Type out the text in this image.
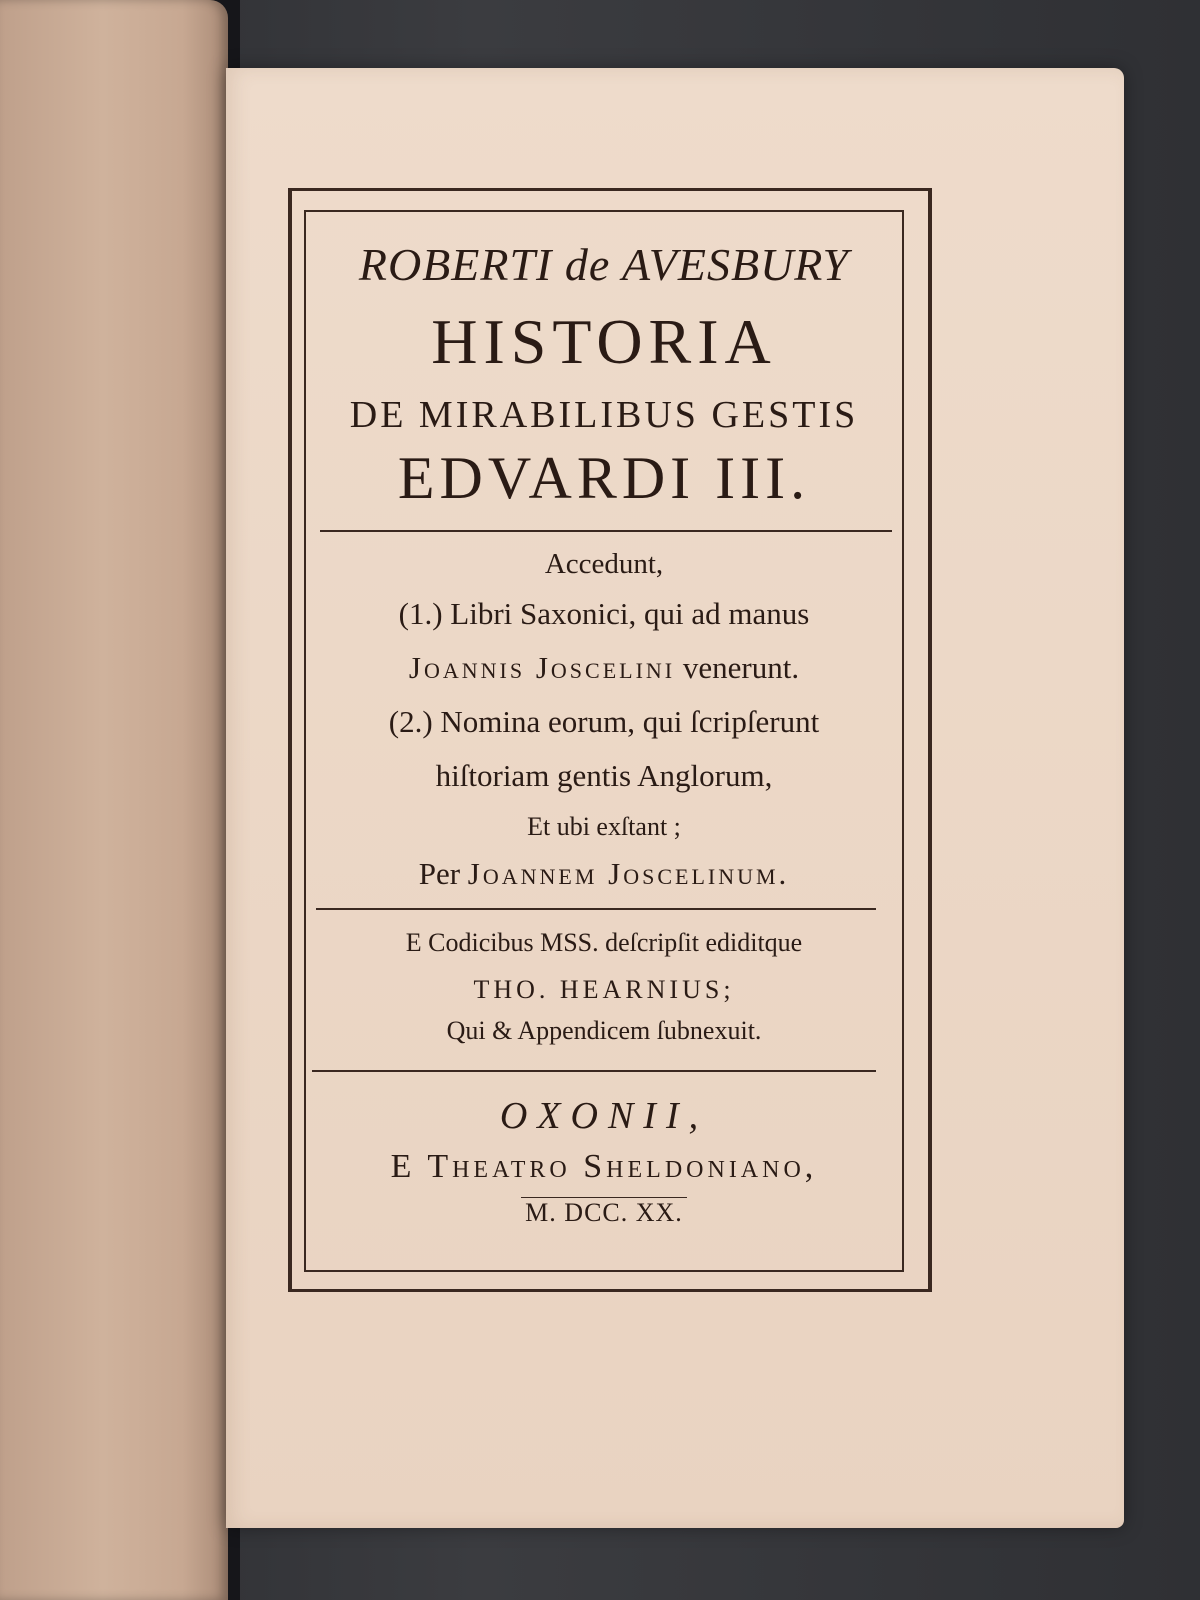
ROBERTI de AVESBURY
HISTORIA
DE MIRABILIBUS GESTIS
EDVARDI III.
Accedunt,
(1.) Libri Saxonici, qui ad manus
Joannis Joscelini venerunt.
(2.) Nomina eorum, qui ſcripſerunt
hiſtoriam gentis Anglorum,
Et ubi exſtant ;
Per Joannem Joscelinum.
E Codicibus MSS. deſcripſit ediditque
THO. HEARNIUS;
Qui & Appendicem ſubnexuit.
OXONII,
E Theatro Sheldoniano,
M. DCC. XX.
